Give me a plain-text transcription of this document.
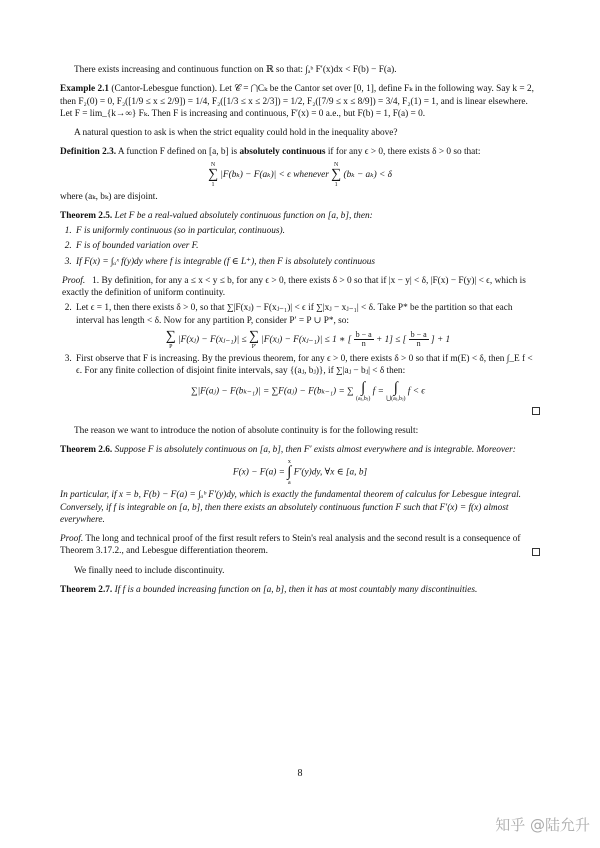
There exists increasing and continuous function on ℝ so that: ∫ₐᵇ F′(x)dx < F(b) − F(a).

Example 2.1 (Cantor-Lebesgue function). Let 𝒞 = ⋂Cₖ be the Cantor set over [0, 1], define Fₖ in the following way. Say k = 2, then F₂(0) = 0, F₂([1/9 ≤ x ≤ 2/9]) = 1/4, F₂([1/3 ≤ x ≤ 2/3]) = 1/2, F₂([7/9 ≤ x ≤ 8/9]) = 3/4, F₂(1) = 1, and is linear elsewhere. Let F = lim_{k→∞} Fₖ. Then F is increasing and continuous, F′(x) = 0 a.e., but F(b) = 1, F(a) = 0.

A natural question to ask is when the strict equality could hold in the inequality above?

Definition 2.3. A function F defined on [a, b] is absolutely continuous if for any ϵ > 0, there exists δ > 0 so that:

N
∑
1
|F(bₖ) − F(aₖ)| < ϵ whenever
N
∑
1
(bₖ − aₖ) < δ

where (aₖ, bₖ) are disjoint.

Theorem 2.5. Let F be a real-valued absolutely continuous function on [a, b], then:

1. F is uniformly continuous (so in particular, continuous).
2. F is of bounded variation over F.
3. If F(x) = ∫ₐˣ f(y)dy where f is integrable (f ∈ L⁺), then F is absolutely continuous
Proof.   1. By definition, for any a ≤ x < y ≤ b, for any ϵ > 0, there exists δ > 0 so that if |x − y| < δ, |F(x) − F(y)| < ϵ, which is exactly the definition of uniform continuity.
2. Let ϵ = 1, then there exists δ > 0, so that ∑|F(xⱼ) − F(xⱼ₋₁)| < ϵ if ∑|xⱼ − xⱼ₋₁| < δ. Take P* be the partition so that each interval has length < δ. Now for any partition P, consider P′ = P ∪ P*, so:
∑
P
|F(xⱼ) − F(xⱼ₋₁)| ≤ ∑
P′
|F(xⱼ) − F(xⱼ₋₁)| ≤ 1 ∗ [ $\frac{b - a}{n} + 1$] ≤ [ $\frac{b - a}{n}$ ] + 1
3. First observe that F is increasing. By the previous theorem, for any ϵ > 0, there exists δ > 0 so that if m(E) < δ, then ∫_E f < ϵ. For any finite collection of disjoint finite intervals, say {(aⱼ, bⱼ)}, if ∑|aⱼ − bⱼ| < δ then:
∑|F(aⱼ) − F(bₖ₋₁)| = ∑F(aⱼ) − F(bₖ₋₁) = ∑ ∫
(aⱼ,bⱼ)
f = ∫
⋃(aⱼ,bⱼ)
f < ϵ

The reason we want to introduce the notion of absolute continuity is for the following result:

Theorem 2.6. Suppose F is absolutely continuous on [a, b], then F′ exists almost everywhere and is integrable. Moreover:

F(x) − F(a) =
x
∫
a
F′(y)dy, ∀x ∈ [a, b]

In particular, if x = b, F(b) − F(a) = ∫ₐᵇ F′(y)dy, which is exactly the fundamental theorem of calculus for Lebesgue integral. Conversely, if f is integrable on [a, b], then there exists an absolutely continuous function F such that F′(x) = f(x) almost everywhere.

Proof. The long and technical proof of the first result refers to Stein's real analysis and the second result is a consequence of Theorem 3.17.2., and Lebesgue differentiation theorem.

We finally need to include discontinuity.

Theorem 2.7. If f is a bounded increasing function on [a, b], then it has at most countably many discontinuities.

8
知乎 @陆允升
